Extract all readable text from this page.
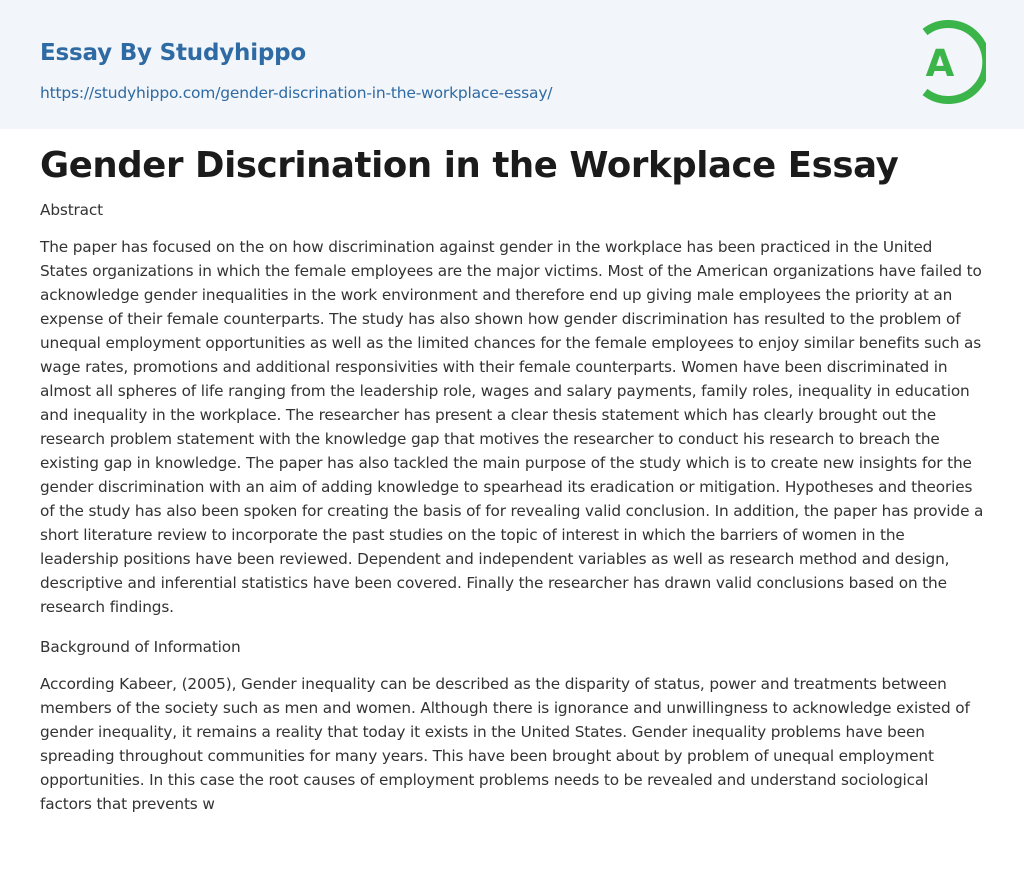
Essay By Studyhippo
https://studyhippo.com/gender-discrination-in-the-workplace-essay/
A
Gender Discrination in the Workplace Essay

Abstract

The paper has focused on the on how discrimination against gender in the workplace has been practiced in the United States organizations in which the female employees are the major victims. Most of the American organizations have failed to acknowledge gender inequalities in the work environment and therefore end up giving male employees the priority at an expense of their female counterparts. The study has also shown how gender discrimination has resulted to the problem of unequal employment opportunities as well as the limited chances for the female employees to enjoy similar benefits such as wage rates, promotions and additional responsivities with their female counterparts. Women have been discriminated in almost all spheres of life ranging from the leadership role, wages and salary payments, family roles, inequality in education and inequality in the workplace. The researcher has present a clear thesis statement which has clearly brought out the research problem statement with the knowledge gap that motives the researcher to conduct his research to breach the existing gap in knowledge. The paper has also tackled the main purpose of the study which is to create new insights for the gender discrimination with an aim of adding knowledge to spearhead its eradication or mitigation. Hypotheses and theories of the study has also been spoken for creating the basis of for revealing valid conclusion. In addition, the paper has provide a short literature review to incorporate the past studies on the topic of interest in which the barriers of women in the leadership positions have been reviewed. Dependent and independent variables as well as research method and design, descriptive and inferential statistics have been covered. Finally the researcher has drawn valid conclusions based on the research findings.

Background of Information

According Kabeer, (2005), Gender inequality can be described as the disparity of status, power and treatments between members of the society such as men and women. Although there is ignorance and unwillingness to acknowledge existed of gender inequality, it remains a reality that today it exists in the United States. Gender inequality problems have been spreading throughout communities for many years. This have been brought about by problem of unequal employment opportunities. In this case the root causes of employment problems needs to be revealed and understand sociological factors that prevents w
